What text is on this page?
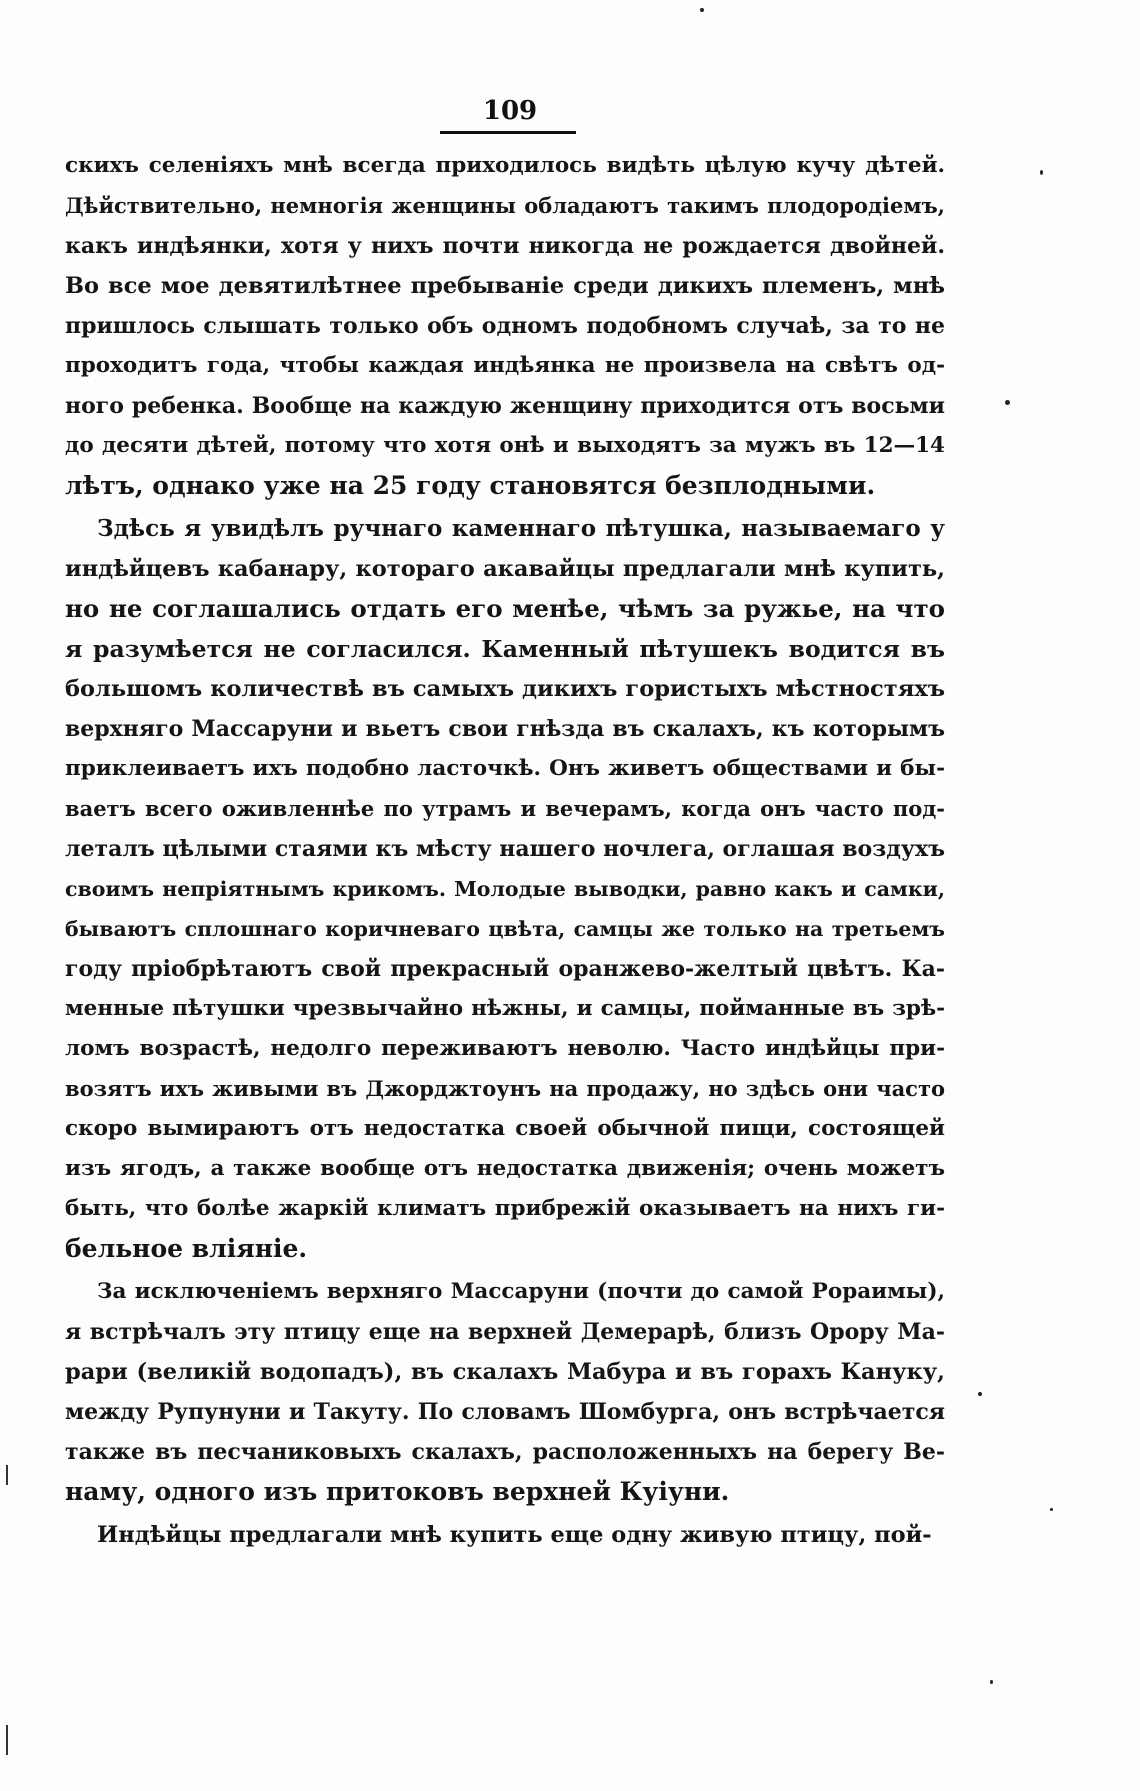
109
скихъ селеніяхъ мнѣ всегда приходилось видѣть цѣлую кучу дѣтей.
Дѣйствительно, немногія женщины обладаютъ такимъ плодородіемъ,
какъ индѣянки, хотя у нихъ почти никогда не рождается двойней.
Во все мое девятилѣтнее пребываніе среди дикихъ племенъ, мнѣ
пришлось слышать только объ одномъ подобномъ случаѣ, за то не
проходитъ года, чтобы каждая индѣянка не произвела на свѣтъ од-
ного ребенка. Вообще на каждую женщину приходится отъ восьми
до десяти дѣтей, потому что хотя онѣ и выходятъ за мужъ въ 12—14
лѣтъ, однако уже на 25 году становятся безплодными.
Здѣсь я увидѣлъ ручнаго каменнаго пѣтушка, называемаго у
индѣйцевъ кабанару, котораго акавайцы предлагали мнѣ купить,
но не соглашались отдать его менѣе, чѣмъ за ружье, на что
я разумѣется не согласился. Каменный пѣтушекъ водится въ
большомъ количествѣ въ самыхъ дикихъ гористыхъ мѣстностяхъ
верхняго Массаруни и вьетъ свои гнѣзда въ скалахъ, къ которымъ
приклеиваетъ ихъ подобно ласточкѣ. Онъ живетъ обществами и бы-
ваетъ всего оживленнѣе по утрамъ и вечерамъ, когда онъ часто под-
леталъ цѣлыми стаями къ мѣсту нашего ночлега, оглашая воздухъ
своимъ непріятнымъ крикомъ. Молодые выводки, равно какъ и самки,
бываютъ сплошнаго коричневаго цвѣта, самцы же только на третьемъ
году пріобрѣтаютъ свой прекрасный оранжево-желтый цвѣтъ. Ка-
менные пѣтушки чрезвычайно нѣжны, и самцы, пойманные въ зрѣ-
ломъ возрастѣ, недолго переживаютъ неволю. Часто индѣйцы при-
возятъ ихъ живыми въ Джорджтоунъ на продажу, но здѣсь они часто
скоро вымираютъ отъ недостатка своей обычной пищи, состоящей
изъ ягодъ, а также вообще отъ недостатка движенія; очень можетъ
быть, что болѣе жаркій климатъ прибрежій оказываетъ на нихъ ги-
бельное вліяніе.
За исключеніемъ верхняго Массаруни (почти до самой Рораимы),
я встрѣчалъ эту птицу еще на верхней Демерарѣ, близъ Орору Ма-
рари (великій водопадъ), въ скалахъ Мабура и въ горахъ Кануку,
между Рупунуни и Такуту. По словамъ Шомбурга, онъ встрѣчается
также въ песчаниковыхъ скалахъ, расположенныхъ на берегу Ве-
наму, одного изъ притоковъ верхней Куіуни.
Индѣйцы предлагали мнѣ купить еще одну живую птицу, пой-
